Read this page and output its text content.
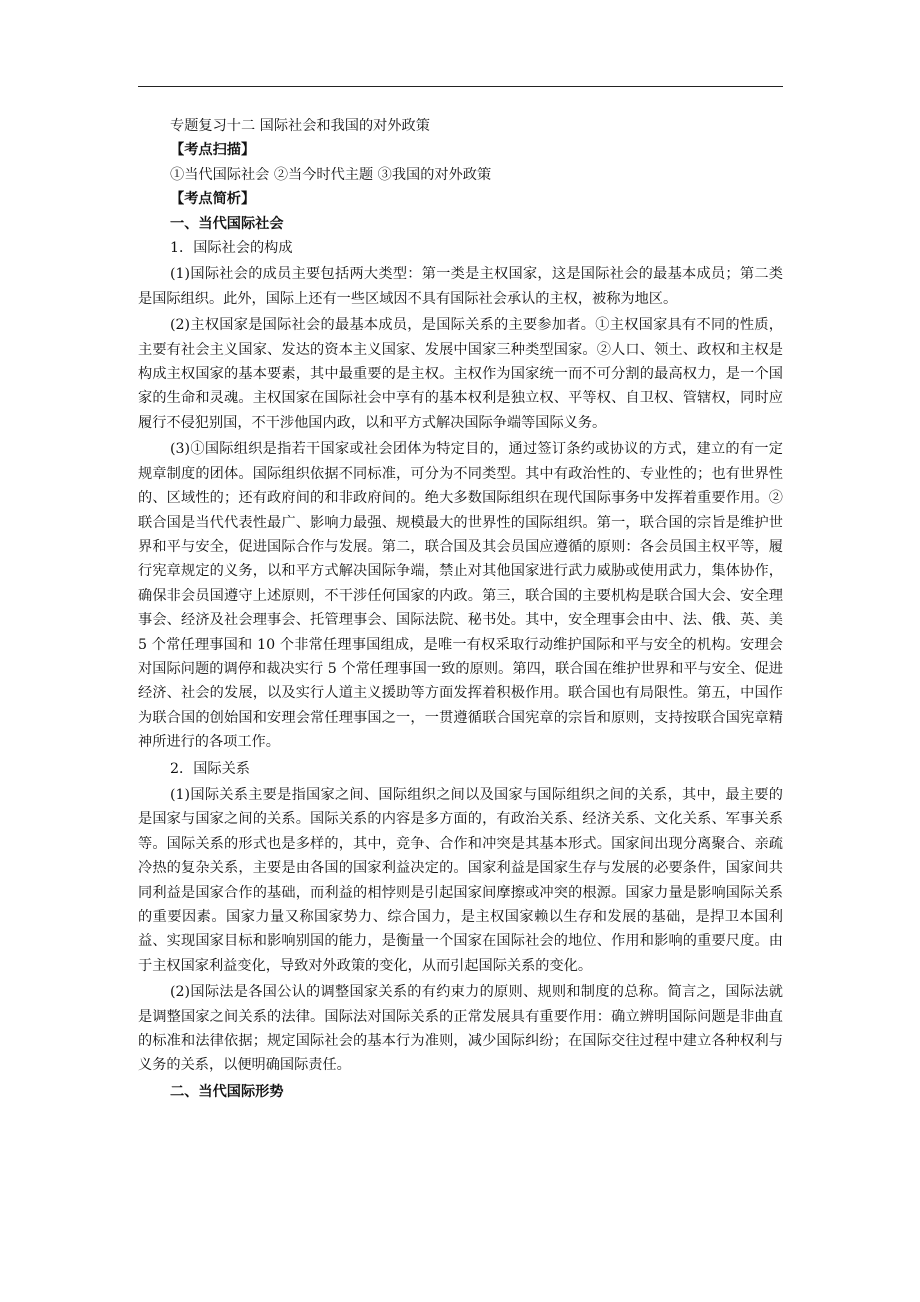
专题复习十二 国际社会和我国的对外政策

【考点扫描】

①当代国际社会 ②当今时代主题 ③我国的对外政策

【考点简析】

一、当代国际社会

1．国际社会的构成

(1)国际社会的成员主要包括两大类型：第一类是主权国家，这是国际社会的最基本成员；第二类是国际组织。此外，国际上还有一些区域因不具有国际社会承认的主权，被称为地区。

(2)主权国家是国际社会的最基本成员，是国际关系的主要参加者。①主权国家具有不同的性质，主要有社会主义国家、发达的资本主义国家、发展中国家三种类型国家。②人口、领土、政权和主权是构成主权国家的基本要素，其中最重要的是主权。主权作为国家统一而不可分割的最高权力，是一个国家的生命和灵魂。主权国家在国际社会中享有的基本权利是独立权、平等权、自卫权、管辖权，同时应履行不侵犯别国，不干涉他国内政，以和平方式解决国际争端等国际义务。

(3)①国际组织是指若干国家或社会团体为特定目的，通过签订条约或协议的方式，建立的有一定规章制度的团体。国际组织依据不同标准，可分为不同类型。其中有政治性的、专业性的；也有世界性的、区域性的；还有政府间的和非政府间的。绝大多数国际组织在现代国际事务中发挥着重要作用。②联合国是当代代表性最广、影响力最强、规模最大的世界性的国际组织。第一，联合国的宗旨是维护世界和平与安全，促进国际合作与发展。第二，联合国及其会员国应遵循的原则：各会员国主权平等，履行宪章规定的义务，以和平方式解决国际争端，禁止对其他国家进行武力威胁或使用武力，集体协作，确保非会员国遵守上述原则，不干涉任何国家的内政。第三，联合国的主要机构是联合国大会、安全理事会、经济及社会理事会、托管理事会、国际法院、秘书处。其中，安全理事会由中、法、俄、英、美 5 个常任理事国和 10 个非常任理事国组成，是唯一有权采取行动维护国际和平与安全的机构。安理会对国际问题的调停和裁决实行 5 个常任理事国一致的原则。第四，联合国在维护世界和平与安全、促进经济、社会的发展，以及实行人道主义援助等方面发挥着积极作用。联合国也有局限性。第五，中国作为联合国的创始国和安理会常任理事国之一，一贯遵循联合国宪章的宗旨和原则，支持按联合国宪章精神所进行的各项工作。

2．国际关系

(1)国际关系主要是指国家之间、国际组织之间以及国家与国际组织之间的关系，其中，最主要的是国家与国家之间的关系。国际关系的内容是多方面的，有政治关系、经济关系、文化关系、军事关系等。国际关系的形式也是多样的，其中，竞争、合作和冲突是其基本形式。国家间出现分离聚合、亲疏冷热的复杂关系，主要是由各国的国家利益决定的。国家利益是国家生存与发展的必要条件，国家间共同利益是国家合作的基础，而利益的相悖则是引起国家间摩擦或冲突的根源。国家力量是影响国际关系的重要因素。国家力量又称国家势力、综合国力，是主权国家赖以生存和发展的基础，是捍卫本国利益、实现国家目标和影响别国的能力，是衡量一个国家在国际社会的地位、作用和影响的重要尺度。由于主权国家利益变化，导致对外政策的变化，从而引起国际关系的变化。

(2)国际法是各国公认的调整国家关系的有约束力的原则、规则和制度的总称。简言之，国际法就是调整国家之间关系的法律。国际法对国际关系的正常发展具有重要作用：确立辨明国际问题是非曲直的标准和法律依据；规定国际社会的基本行为准则，减少国际纠纷；在国际交往过程中建立各种权利与义务的关系，以便明确国际责任。

二、当代国际形势
